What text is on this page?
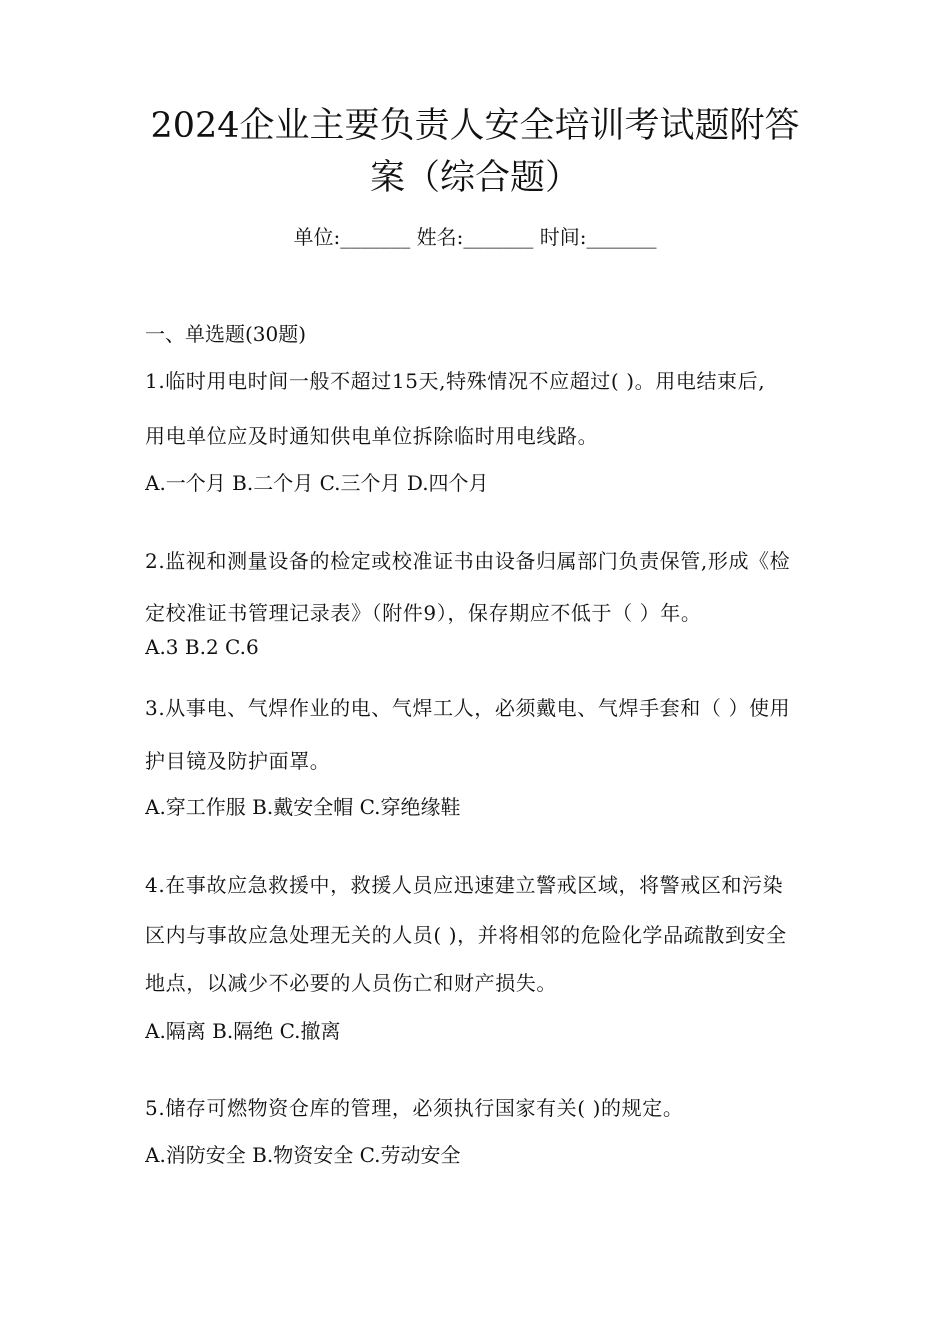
2024企业主要负责人安全培训考试题附答
案（综合题）
单位:_______ 姓名:_______ 时间:_______
一、单选题(30题)
1.临时用电时间一般不超过15天,特殊情况不应超过( )。用电结束后,
用电单位应及时通知供电单位拆除临时用电线路。
A.一个月 B.二个月 C.三个月 D.四个月
2.监视和测量设备的检定或校准证书由设备归属部门负责保管,形成《检
定校准证书管理记录表》（附件9），保存期应不低于（ ）年。
A.3 B.2 C.6
3.从事电、气焊作业的电、气焊工人，必须戴电、气焊手套和（ ）使用
护目镜及防护面罩。
A.穿工作服 B.戴安全帽 C.穿绝缘鞋
4.在事故应急救援中，救援人员应迅速建立警戒区域，将警戒区和污染
区内与事故应急处理无关的人员( )，并将相邻的危险化学品疏散到安全
地点，以减少不必要的人员伤亡和财产损失。
A.隔离 B.隔绝 C.撤离
5.储存可燃物资仓库的管理，必须执行国家有关( )的规定。
A.消防安全 B.物资安全 C.劳动安全
